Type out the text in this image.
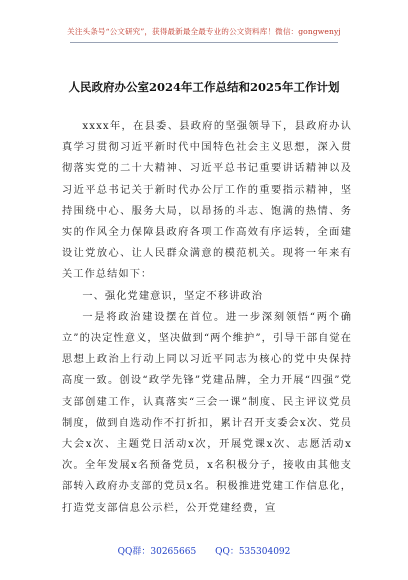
关注头条号“公文研究”，获得最新最全最专业的公文资料库！微信：gongwenyj
人民政府办公室2024年工作总结和2025年工作计划

xxxx年，在县委、县政府的坚强领导下，县政府办认真学习贯彻习近平新时代中国特色社会主义思想，深入贯彻落实党的二十大精神、习近平总书记重要讲话精神以及习近平总书记关于新时代办公厅工作的重要指示精神，坚持围绕中心、服务大局，以昂扬的斗志、饱满的热情、务实的作风全力保障县政府各项工作高效有序运转，全面建设让党放心、让人民群众满意的模范机关。现将一年来有关工作总结如下：

一、强化党建意识，坚定不移讲政治

一是将政治建设摆在首位。进一步深刻领悟“两个确立”的决定性意义，坚决做到“两个维护”，引导干部自觉在思想上政治上行动上同以习近平同志为核心的党中央保持高度一致。创设“政学先锋”党建品牌，全力开展“四强”党支部创建工作，认真落实“三会一课”制度、民主评议党员制度，做到自选动作不打折扣，累计召开支委会x次、党员大会x次、主题党日活动x次，开展党课x次、志愿活动x次。全年发展x名预备党员，x名积极分子，接收由其他支部转入政府办支部的党员x名。积极推进党建工作信息化，打造党支部信息公示栏，公开党建经费，宣

QQ群：30265665 QQ：535304092
